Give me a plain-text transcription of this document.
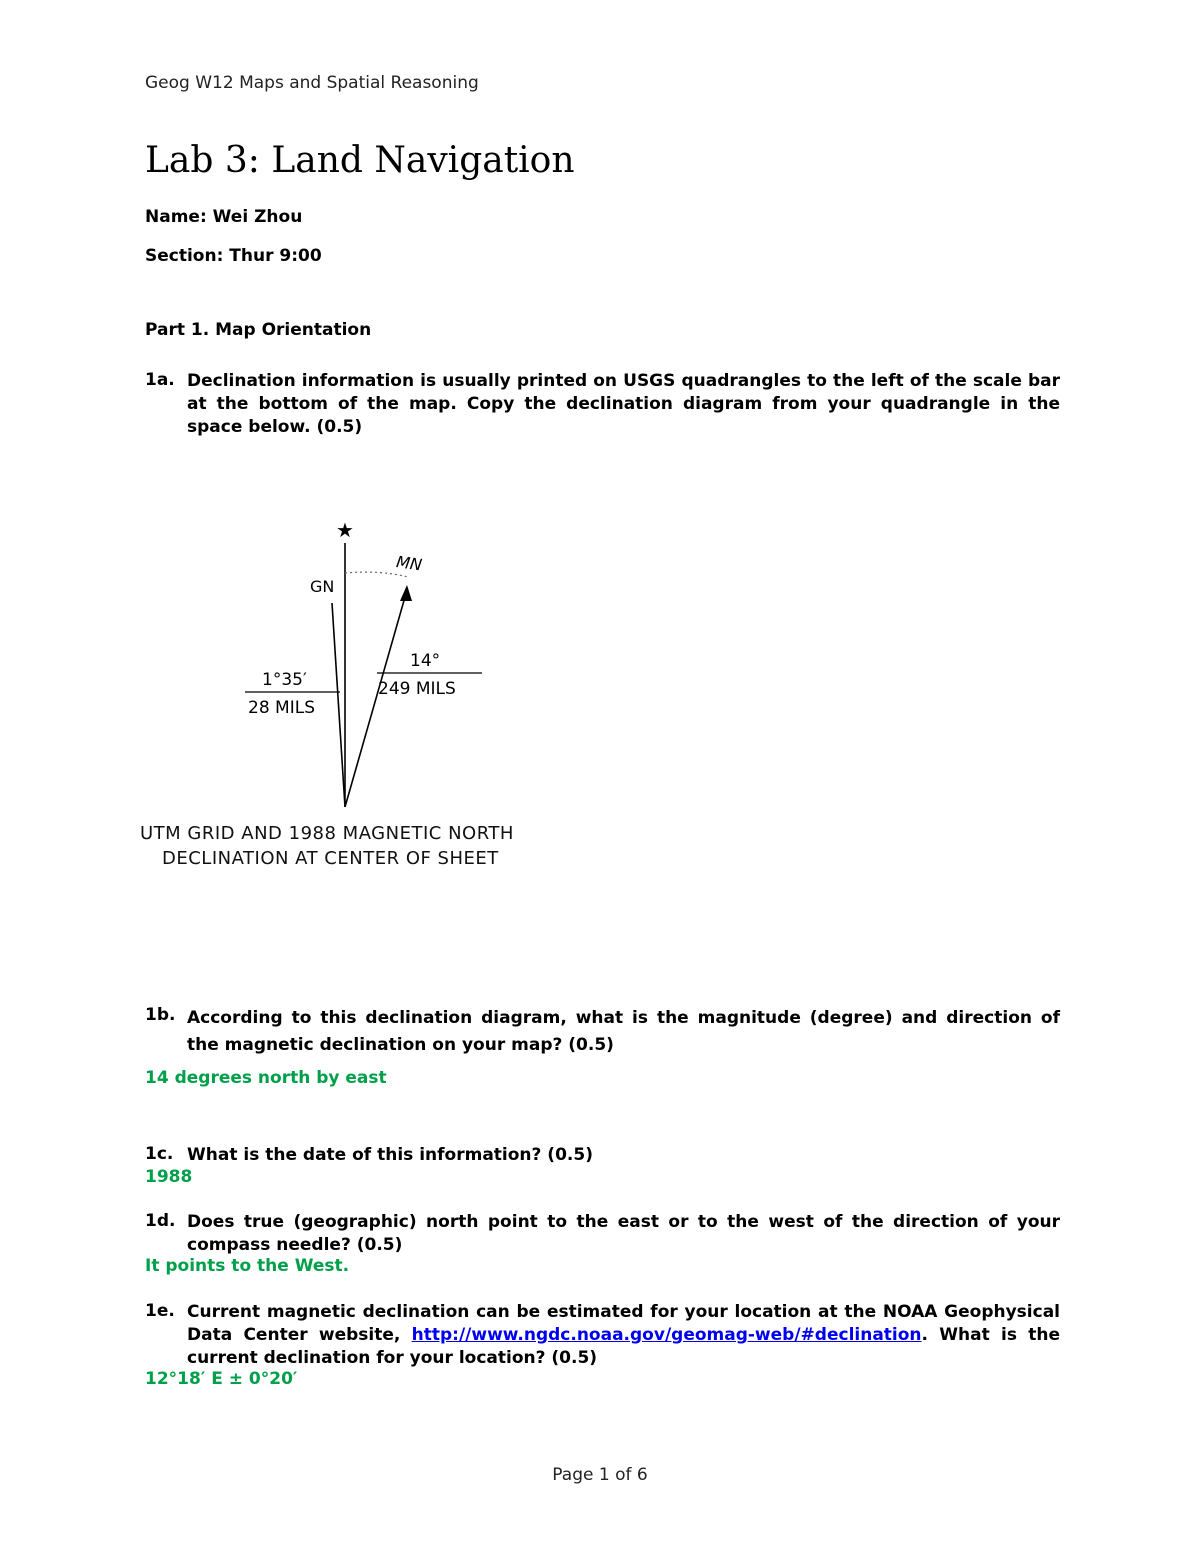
Geog W12 Maps and Spatial Reasoning
Lab 3: Land Navigation
Name: Wei Zhou
Section: Thur 9:00
Part 1. Map Orientation
1a. Declination information is usually printed on USGS quadrangles to the left of the scale bar at the bottom of the map. Copy the declination diagram from your quadrangle in the space below. (0.5)
★
GN
MN
1°35′
28 MILS
14°
249 MILS
UTM GRID AND 1988 MAGNETIC NORTH
DECLINATION AT CENTER OF SHEET
1b. According to this declination diagram, what is the magnitude (degree) and direction of the magnetic declination on your map? (0.5)
14 degrees north by east
1c. What is the date of this information? (0.5)
1988
1d. Does true (geographic) north point to the east or to the west of the direction of your compass needle? (0.5)
It points to the West.
1e. Current magnetic declination can be estimated for your location at the NOAA Geophysical Data Center website, http://www.ngdc.noaa.gov/geomag-web/#declination. What is the current declination for your location? (0.5)
12°18′ E ± 0°20′
Page 1 of 6
